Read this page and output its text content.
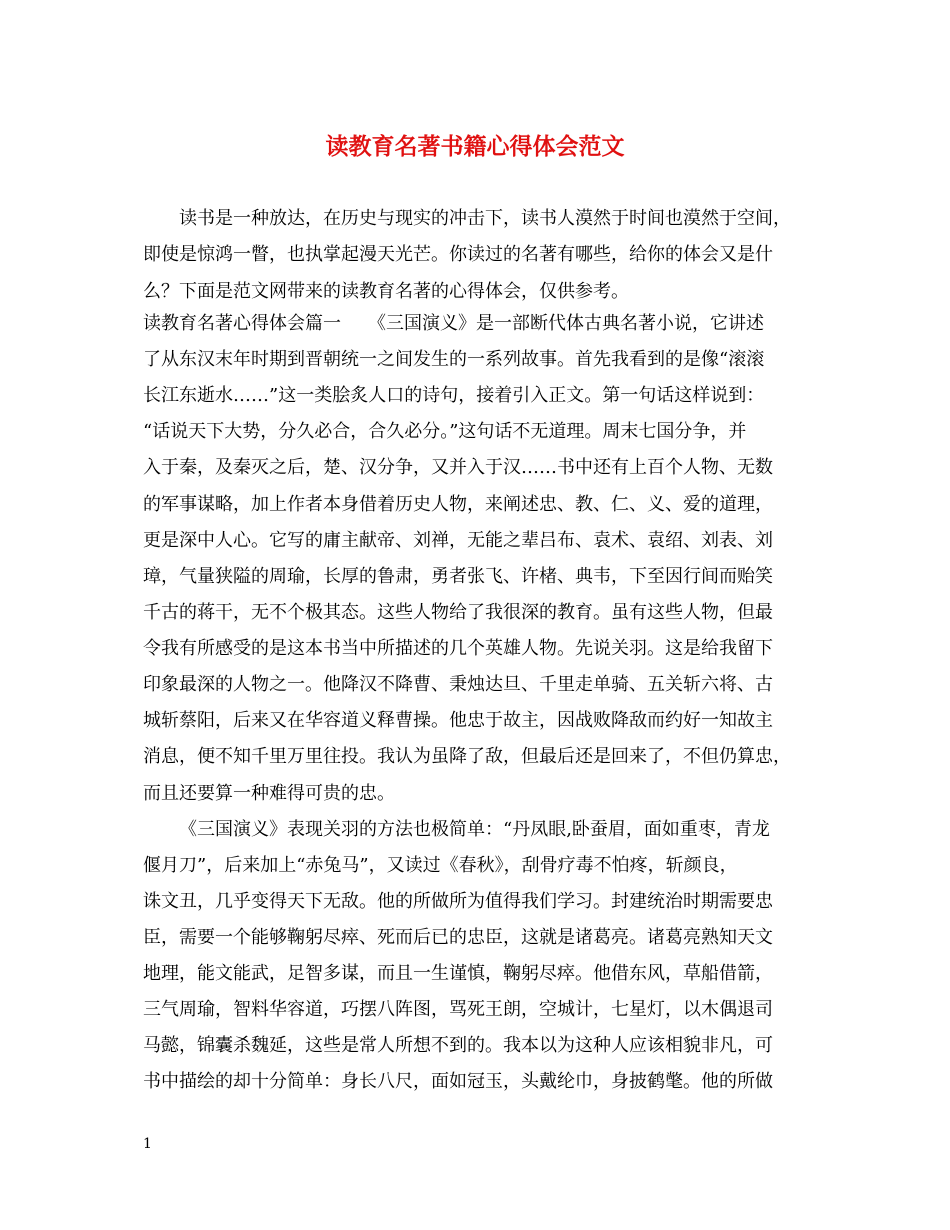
读教育名著书籍心得体会范文

读书是一种放达，在历史与现实的冲击下，读书人漠然于时间也漠然于空间，

即使是惊鸿一瞥，也执掌起漫天光芒。你读过的名著有哪些，给你的体会又是什

么？下面是范文网带来的读教育名著的心得体会，仅供参考。

读教育名著心得体会篇一　　《三国演义》是一部断代体古典名著小说，它讲述

了从东汉末年时期到晋朝统一之间发生的一系列故事。首先我看到的是像“滚滚

长江东逝水……”这一类脍炙人口的诗句，接着引入正文。第一句话这样说到：

“话说天下大势，分久必合，合久必分。”这句话不无道理。周末七国分争，并

入于秦，及秦灭之后，楚、汉分争，又并入于汉……书中还有上百个人物、无数

的军事谋略，加上作者本身借着历史人物，来阐述忠、教、仁、义、爱的道理，

更是深中人心。它写的庸主献帝、刘禅，无能之辈吕布、袁术、袁绍、刘表、刘

璋，气量狭隘的周瑜，长厚的鲁肃，勇者张飞、许楮、典韦，下至因行间而贻笑

千古的蒋干，无不个极其态。这些人物给了我很深的教育。虽有这些人物，但最

令我有所感受的是这本书当中所描述的几个英雄人物。先说关羽。这是给我留下

印象最深的人物之一。他降汉不降曹、秉烛达旦、千里走单骑、五关斩六将、古

城斩蔡阳，后来又在华容道义释曹操。他忠于故主，因战败降敌而约好一知故主

消息，便不知千里万里往投。我认为虽降了敌，但最后还是回来了，不但仍算忠，

而且还要算一种难得可贵的忠。

《三国演义》表现关羽的方法也极简单：“丹凤眼,卧蚕眉，面如重枣，青龙

偃月刀”，后来加上“赤兔马”，又读过《春秋》，刮骨疗毒不怕疼，斩颜良，

诛文丑，几乎变得天下无敌。他的所做所为值得我们学习。封建统治时期需要忠

臣，需要一个能够鞠躬尽瘁、死而后已的忠臣，这就是诸葛亮。诸葛亮熟知天文

地理，能文能武，足智多谋，而且一生谨慎，鞠躬尽瘁。他借东风，草船借箭，

三气周瑜，智料华容道，巧摆八阵图，骂死王朗，空城计，七星灯，以木偶退司

马懿，锦囊杀魏延，这些是常人所想不到的。我本以为这种人应该相貌非凡，可

书中描绘的却十分简单：身长八尺，面如冠玉，头戴纶巾，身披鹤氅。他的所做

1
